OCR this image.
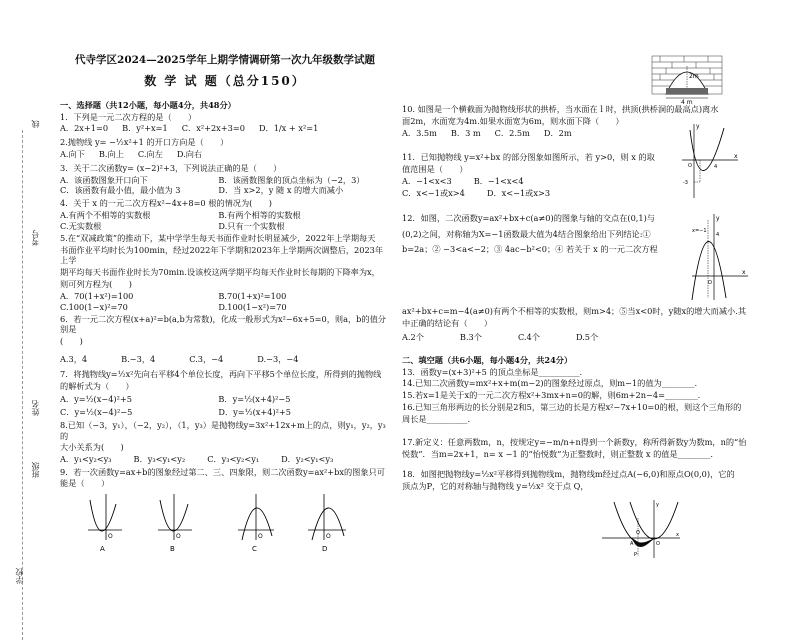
线
考号
姓名
班级
学校
代寺学区2024—2025学年上期学情调研第一次九年级数学试题
数 学 试 题（总分150）
一、选择题（共12小题，每小题4分，共48分）
1．下列是一元二次方程的是（　　）
A．2x+1=0 B．y²+x=1 C．x²+2x+3=0 D．1/x + x²=1
2.抛物线 y= −½x²+1 的开口方向是（　　）
A.向下 B.向上 C.向左 D.向右
3．关于二次函数y= (x−2)²+3，下列说法正确的是（　　）
A．该函数图象开口向下	B．该函数图象的顶点坐标为（−2，3）
C．该函数有最小值，最小值为 3	D．当 x>2，y 随 x 的增大而减小
4．关于 x 的一元二次方程x²−4x+8=0 根的情况为(　　)
A.有两个不相等的实数根	B.有两个相等的实数根
C.无实数根	D.只有一个实数根
5.在“双减政策”的推动下，某中学学生每天书面作业时长明显减少，2022年上学期每天
书面作业平均时长为100min，经过2022年下学期和2023年上学期两次调整后，2023年上学
期平均每天书面作业时长为70min.设该校这两学期平均每天作业时长每期的下降率为x，
则可列方程为(　　)
A．70(1+x²)=100	B.70(1+x)²=100
C.100(1−x)²=70	D.100(1−x²)=70
6．若一元二次方程(x+a)²=b(a,b为常数)，化成一般形式为x²−6x+5=0，则a，b的值分别是
(　　)
A.3，4	B.−3，4	C.3，−4	D.−3，−4
7．将抛物线y=½x²先向右平移4个单位长度，再向下平移5个单位长度，所得到的抛物线
的解析式为（　　）
A．y=½(x−4)²+5	B．y=½(x+4)²−5
C．y=½(x−4)²−5	D．y=½(x+4)²+5
8.已知（−3，y₁），（−2，y₂），（1，y₃）是抛物线y=3x²+12x+m上的点，则y₁，y₂，y₃的
大小关系为(　　)
A．y₁<y₂<y₃	B．y₃<y₁<y₂	C．y₃<y₂<y₁	D．y₂<y₁<y₃
9．若一次函数y=ax+b的图象经过第二、三、四象限，则二次函数y=ax²+bx的图象只可能是（　　）
O
A
O
B
O
C
O
D
2m
4 m
10. 如图是一个横截面为抛物线形状的拱桥，当水面在 l 时，拱顶(拱桥洞的最高点)离水
面2m，水面宽为4m.如果水面宽为6m，则水面下降（　　）
A．3.5m B．3 m C．2.5m D．2m
11．已知抛物线 y=x²+bx 的部分图象如图所示，若 y>0，则 x 的取
值范围是（　　）
A．−1<x<3	B．−1<x<4
C．x<−1或x>4	D．x<−1或x>3
12．如图，二次函数y=ax²+bx+c(a≠0)的图象与轴的交点在(0,1)与
(0,2)之间，对称轴为X=−1函数最大值为4结合图象给出下列结论:①
b=2a；② −3<a<−2；③ 4ac−b²<0；④ 若关于 x 的一元二次方程
ax²+bx+c=m−4(a≠0)有两个不相等的实数根，则m>4；⑤当x<0时，y随x的增大而减小.其
中正确的结论有（　　）
A.2个	B.3个	C.4个	D.5个
二、填空题（共6小题，每小题4分，共24分）
13．函数y=(x+3)²+5 的顶点坐标是__________.
14.已知二次函数y=mx²+x+m(m−2)的图象经过原点，则m−1的值为________.
15.若x=1是关于x的一元二次方程x²+3mx+n=0的解，则6m+2n−4=________.
16.已知三角形两边的长分别是2和5，第三边的长是方程x²−7x+10=0的根，则这个三角形的
周长是__________.
17.新定义：任意两数m，n，按规定y=−m/n+n得到一个新数y，称所得新数y为数m，n的“怡
悦数”．当m=2x+1，n= x −1 的“怡悦数”为正整数时，则正整数 x 的值是________.
18．如图把抛物线y=½x²平移得到抛物线m，抛物线m经过点A(−6,0)和原点O(0,0)，它的
顶点为P，它的对称轴与抛物线 y=½x² 交于点 Q，
y
x
O
-3
4
x=−1
y
4
x
O
A	O
Q
P
y
x
